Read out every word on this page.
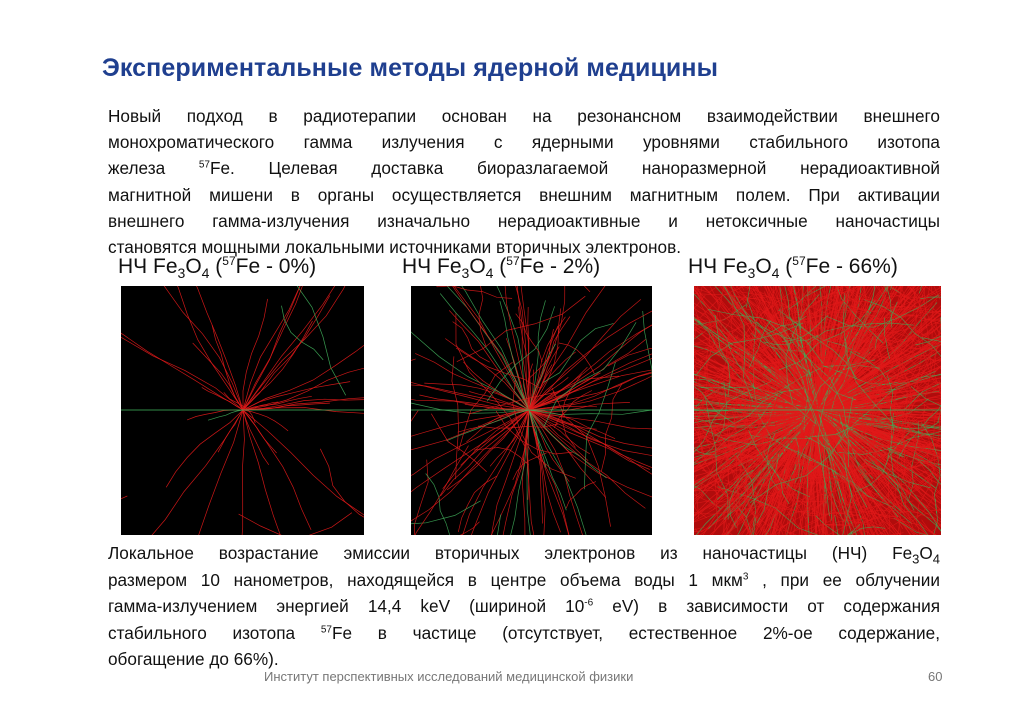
Экспериментальные методы ядерной медицины
Новый подход в радиотерапии основан на резонансном взаимодействии внешнего
монохроматического гамма излучения с ядерными уровнями стабильного изотопа
железа $^{57}$Fe. Целевая доставка биоразлагаемой наноразмерной нерадиоактивной
магнитной мишени в органы осуществляется внешним магнитным полем. При активации
внешнего гамма-излучения изначально нерадиоактивные и нетоксичные наночастицы
становятся мощными локальными источниками вторичных электронов.
НЧ $Fe_3O_4$ ($^{57}$Fe - 0%)	НЧ $Fe_3O_4$ ($^{57}$Fe - 2%)	НЧ $Fe_3O_4$ ($^{57}$Fe - 66%)
Локальное возрастание эмиссии вторичных электронов из наночастицы (НЧ) $Fe_3O_4$
размером 10 нанометров, находящейся в центре объема воды 1 мкм$^3$ , при ее облучении
гамма-излучением энергией 14,4 keV (шириной $10^{-6}$ eV) в зависимости от содержания
стабильного изотопа $^{57}$Fe в частице (отсутствует, естественное 2%-ое содержание,
обогащение до 66%).
Институт перспективных исследований медицинской физики	60
